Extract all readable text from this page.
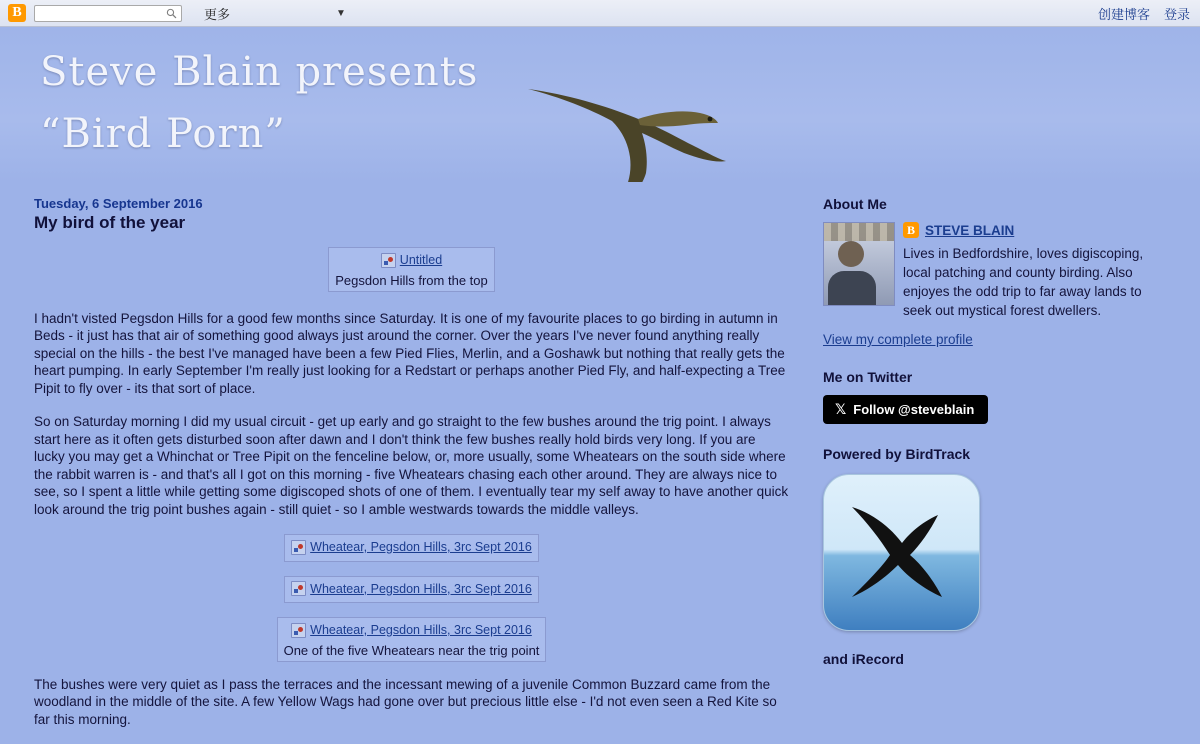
B	更多	▼	创建博客 登录
Steve Blain presents
“Bird Porn”
Tuesday, 6 September 2016
My bird of the year
Untitled
Pegsdon Hills from the top

I hadn't visted Pegsdon Hills for a good few months since Saturday. It is one of my favourite places to go birding in autumn in Beds - it just has that air of something good always just around the corner. Over the years I've never found anything really special on the hills - the best I've managed have been a few Pied Flies, Merlin, and a Goshawk but nothing that really gets the heart pumping. In early September I'm really just looking for a Redstart or perhaps another Pied Fly, and half-expecting a Tree Pipit to fly over - its that sort of place.

So on Saturday morning I did my usual circuit - get up early and go straight to the few bushes around the trig point. I always start here as it often gets disturbed soon after dawn and I don't think the few bushes really hold birds very long. If you are lucky you may get a Whinchat or Tree Pipit on the fenceline below, or, more usually, some Wheatears on the south side where the rabbit warren is - and that's all I got on this morning - five Wheatears chasing each other around. They are always nice to see, so I spent a little while getting some digiscoped shots of one of them. I eventually tear my self away to have another quick look around the trig point bushes again - still quiet - so I amble westwards towards the middle valleys.

Wheatear, Pegsdon Hills, 3rc Sept 2016
Wheatear, Pegsdon Hills, 3rc Sept 2016
Wheatear, Pegsdon Hills, 3rc Sept 2016
One of the five Wheatears near the trig point

The bushes were very quiet as I pass the terraces and the incessant mewing of a juvenile Common Buzzard came from the woodland in the middle of the site. A few Yellow Wags had gone over but precious little else - I'd not even seen a Red Kite so far this morning.

About Me
B STEVE BLAIN
Lives in Bedfordshire, loves digiscoping, local patching and county birding. Also enjoyes the odd trip to far away lands to seek out mystical forest dwellers.
View my complete profile
Me on Twitter
𝕏 Follow @steveblain
Powered by BirdTrack
and iRecord
